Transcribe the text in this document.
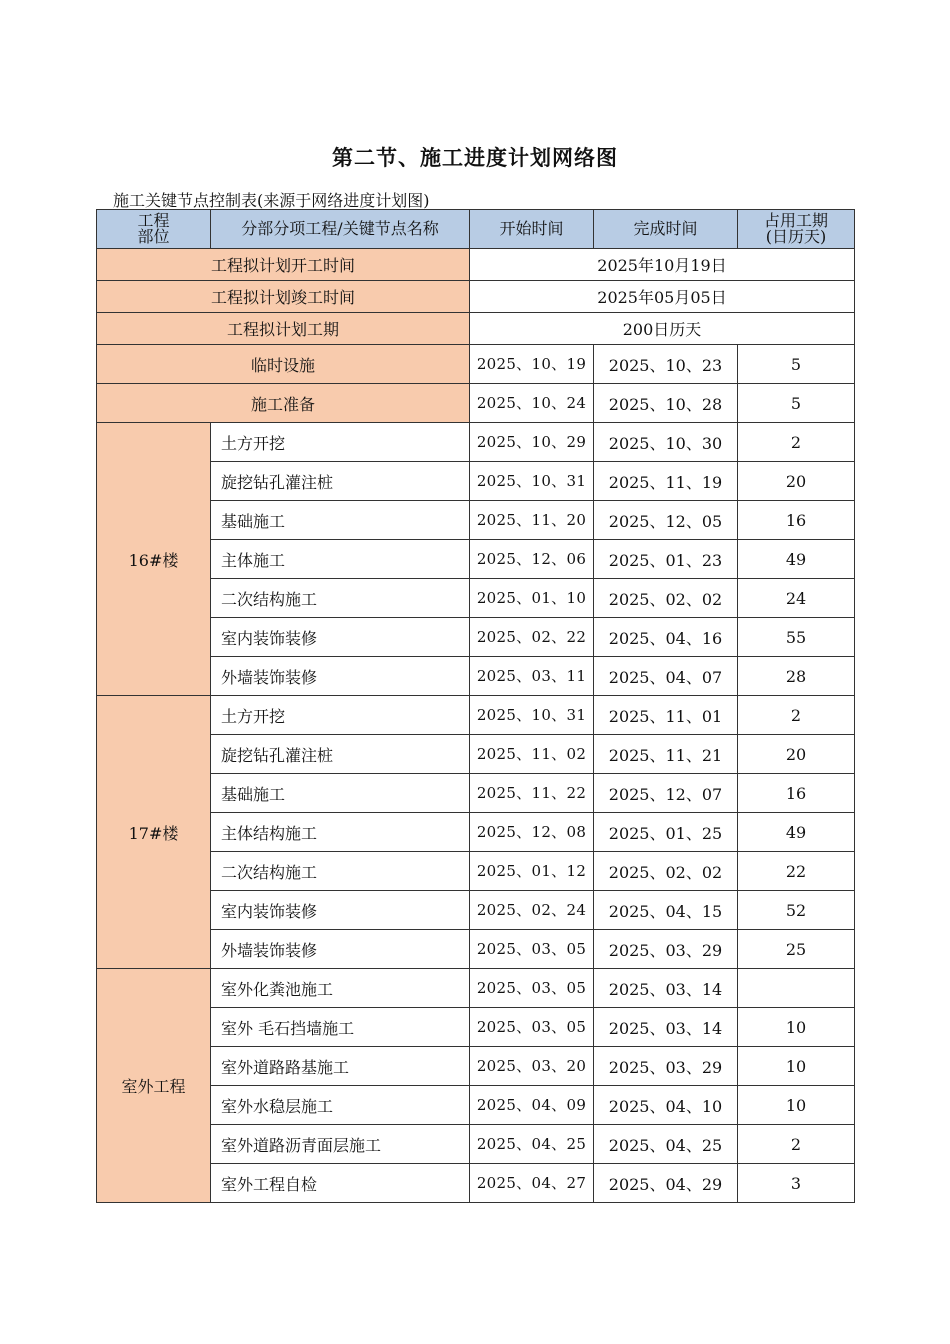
第二节、施工进度计划网络图
施工关键节点控制表(来源于网络进度计划图)
工程部位	分部分项工程/关键节点名称	开始时间	完成时间	占用工期(日历天)

工程拟计划开工时间		2025年10月19日		
工程拟计划竣工时间		2025年05月05日		
工程拟计划工期		200日历天		
临时设施		2025、10、19	2025、10、23	5
施工准备		2025、10、24	2025、10、28	5
16#楼	土方开挖	2025、10、29	2025、10、30	2
	旋挖钻孔灌注桩	2025、10、31	2025、11、19	20
	基础施工	2025、11、20	2025、12、05	16
	主体施工	2025、12、06	2025、01、23	49
	二次结构施工	2025、01、10	2025、02、02	24
	室内装饰装修	2025、02、22	2025、04、16	55
	外墙装饰装修	2025、03、11	2025、04、07	28
17#楼	土方开挖	2025、10、31	2025、11、01	2
	旋挖钻孔灌注桩	2025、11、02	2025、11、21	20
	基础施工	2025、11、22	2025、12、07	16
	主体结构施工	2025、12、08	2025、01、25	49
	二次结构施工	2025、01、12	2025、02、02	22
	室内装饰装修	2025、02、24	2025、04、15	52
	外墙装饰装修	2025、03、05	2025、03、29	25
室外工程	室外化粪池施工	2025、03、05	2025、03、14	
	室外 毛石挡墙施工	2025、03、05	2025、03、14	10
	室外道路路基施工	2025、03、20	2025、03、29	10
	室外水稳层施工	2025、04、09	2025、04、10	10
	室外道路沥青面层施工	2025、04、25	2025、04、25	2
	室外工程自检	2025、04、27	2025、04、29	3
